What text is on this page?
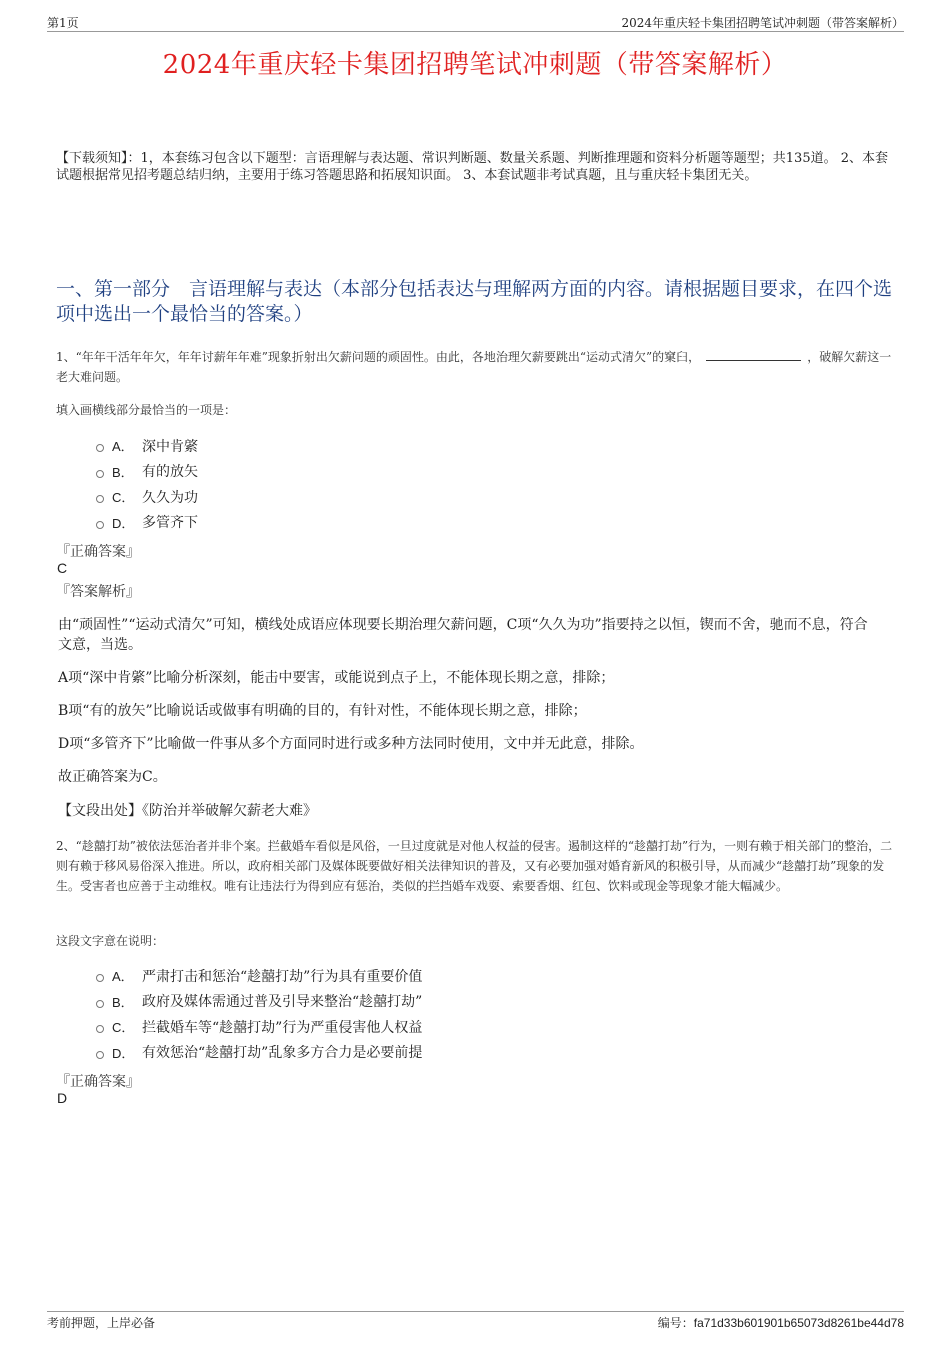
第1页	2024年重庆轻卡集团招聘笔试冲刺题（带答案解析）
2024年重庆轻卡集团招聘笔试冲刺题（带答案解析）
【下载须知】：1，本套练习包含以下题型：言语理解与表达题、常识判断题、数量关系题、判断推理题和资料分析题等题型；共135道。 2、本套试题根据常见招考题总结归纳，主要用于练习答题思路和拓展知识面。 3、本套试题非考试真题，且与重庆轻卡集团无关。
一、第一部分　言语理解与表达（本部分包括表达与理解两方面的内容。请根据题目要求，在四个选项中选出一个最恰当的答案。）
1、“年年干活年年欠，年年讨薪年年难”现象折射出欠薪问题的顽固性。由此，各地治理欠薪要跳出“运动式清欠”的窠臼，	，破解欠薪这一老大难问题。
填入画横线部分最恰当的一项是：
A． 深中肯綮
B． 有的放矢
C． 久久为功
D． 多管齐下
『正确答案』
C
『答案解析』
由“顽固性”“运动式清欠”可知，横线处成语应体现要长期治理欠薪问题，C项“久久为功”指要持之以恒，锲而不舍，驰而不息，符合文意，当选。
A项“深中肯綮”比喻分析深刻，能击中要害，或能说到点子上，不能体现长期之意，排除；
B项“有的放矢”比喻说话或做事有明确的目的，有针对性，不能体现长期之意，排除；
D项“多管齐下”比喻做一件事从多个方面同时进行或多种方法同时使用，文中并无此意，排除。
故正确答案为C。
【文段出处】《防治并举破解欠薪老大难》
2、“趁囍打劫”被依法惩治者并非个案。拦截婚车看似是风俗，一旦过度就是对他人权益的侵害。遏制这样的“趁囍打劫”行为，一则有赖于相关部门的整治，二则有赖于移风易俗深入推进。所以，政府相关部门及媒体既要做好相关法律知识的普及，又有必要加强对婚育新风的积极引导，从而减少“趁囍打劫”现象的发生。受害者也应善于主动维权。唯有让违法行为得到应有惩治，类似的拦挡婚车戏耍、索要香烟、红包、饮料或现金等现象才能大幅减少。
这段文字意在说明：
A． 严肃打击和惩治“趁囍打劫”行为具有重要价值
B． 政府及媒体需通过普及引导来整治“趁囍打劫”
C． 拦截婚车等“趁囍打劫”行为严重侵害他人权益
D． 有效惩治“趁囍打劫”乱象多方合力是必要前提
『正确答案』
D
考前押题，上岸必备	编号：fa71d33b601901b65073d8261be44d78
